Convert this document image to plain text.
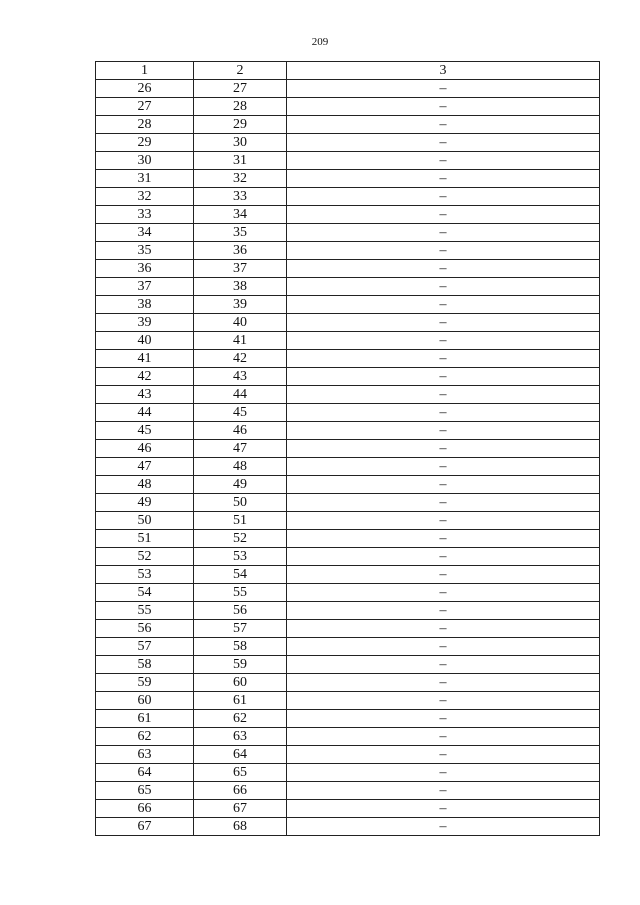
209
1	2	3
26	27	–
27	28	–
28	29	–
29	30	–
30	31	–
31	32	–
32	33	–
33	34	–
34	35	–
35	36	–
36	37	–
37	38	–
38	39	–
39	40	–
40	41	–
41	42	–
42	43	–
43	44	–
44	45	–
45	46	–
46	47	–
47	48	–
48	49	–
49	50	–
50	51	–
51	52	–
52	53	–
53	54	–
54	55	–
55	56	–
56	57	–
57	58	–
58	59	–
59	60	–
60	61	–
61	62	–
62	63	–
63	64	–
64	65	–
65	66	–
66	67	–
67	68	–
